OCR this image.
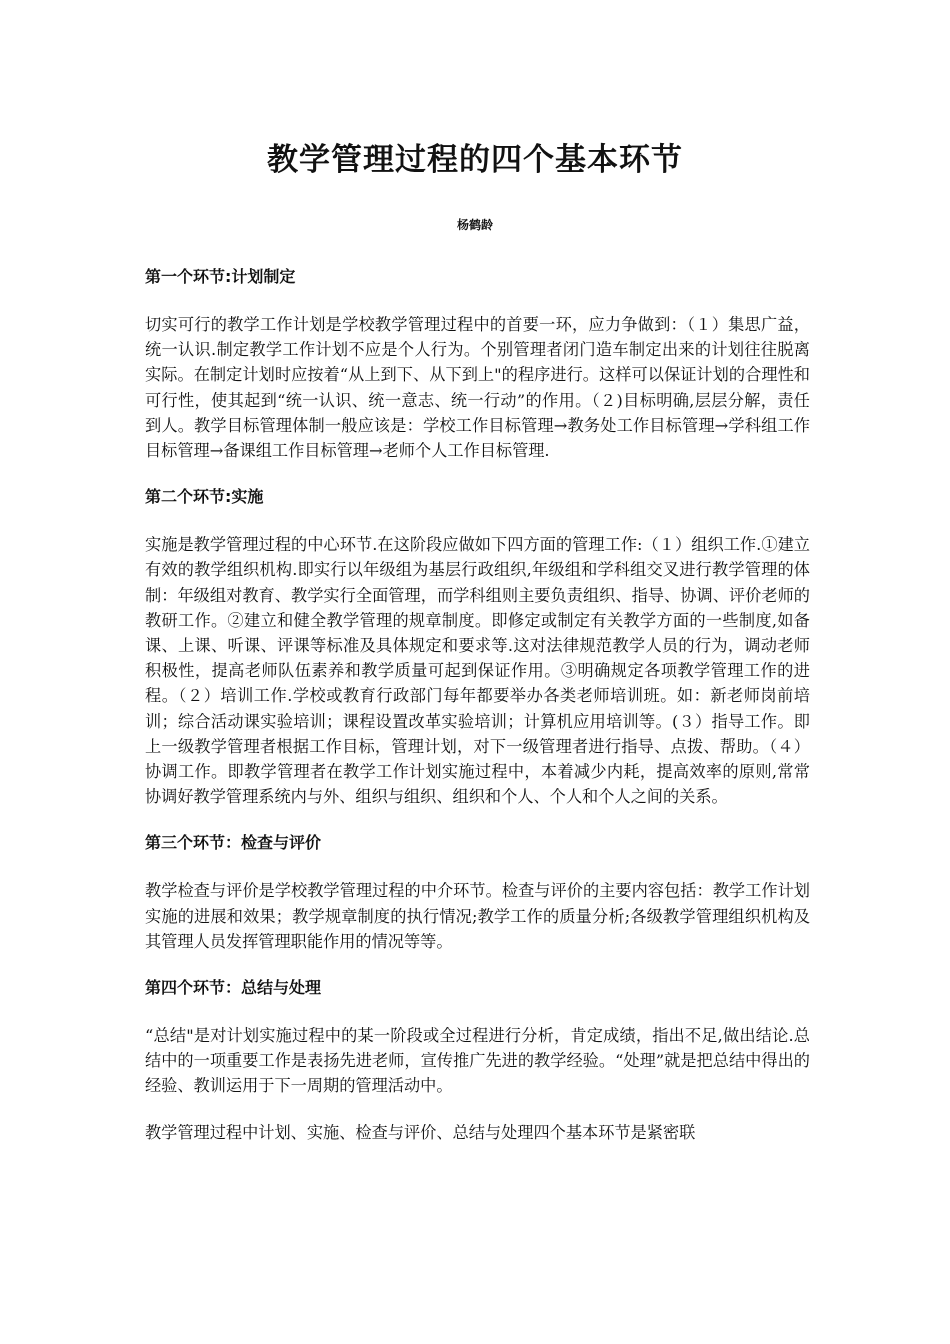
教学管理过程的四个基本环节
杨鹤龄
第一个环节:计划制定

切实可行的教学工作计划是学校教学管理过程中的首要一环，应力争做到：（１）集思广益，统一认识.制定教学工作计划不应是个人行为。个别管理者闭门造车制定出来的计划往往脱离实际。在制定计划时应按着“从上到下、从下到上"的程序进行。这样可以保证计划的合理性和可行性，使其起到“统一认识、统一意志、统一行动”的作用。（２)目标明确,层层分解，责任到人。教学目标管理体制一般应该是：学校工作目标管理→教务处工作目标管理→学科组工作目标管理→备课组工作目标管理→老师个人工作目标管理.

第二个环节:实施

实施是教学管理过程的中心环节.在这阶段应做如下四方面的管理工作:（１）组织工作.①建立有效的教学组织机构.即实行以年级组为基层行政组织,年级组和学科组交叉进行教学管理的体制：年级组对教育、教学实行全面管理，而学科组则主要负责组织、指导、协调、评价老师的教研工作。②建立和健全教学管理的规章制度。即修定或制定有关教学方面的一些制度,如备课、上课、听课、评课等标准及具体规定和要求等.这对法律规范教学人员的行为，调动老师积极性，提高老师队伍素养和教学质量可起到保证作用。③明确规定各项教学管理工作的进程。（２）培训工作.学校或教育行政部门每年都要举办各类老师培训班。如：新老师岗前培训；综合活动课实验培训；课程设置改革实验培训；计算机应用培训等。(３）指导工作。即上一级教学管理者根据工作目标，管理计划，对下一级管理者进行指导、点拨、帮助。（４）协调工作。即教学管理者在教学工作计划实施过程中，本着减少内耗，提高效率的原则,常常协调好教学管理系统内与外、组织与组织、组织和个人、个人和个人之间的关系。

第三个环节：检查与评价

教学检查与评价是学校教学管理过程的中介环节。检查与评价的主要内容包括：教学工作计划实施的进展和效果；教学规章制度的执行情况;教学工作的质量分析;各级教学管理组织机构及其管理人员发挥管理职能作用的情况等等。

第四个环节：总结与处理

“总结"是对计划实施过程中的某一阶段或全过程进行分析，肯定成绩，指出不足,做出结论.总结中的一项重要工作是表扬先进老师，宣传推广先进的教学经验。“处理”就是把总结中得出的经验、教训运用于下一周期的管理活动中。

教学管理过程中计划、实施、检查与评价、总结与处理四个基本环节是紧密联
